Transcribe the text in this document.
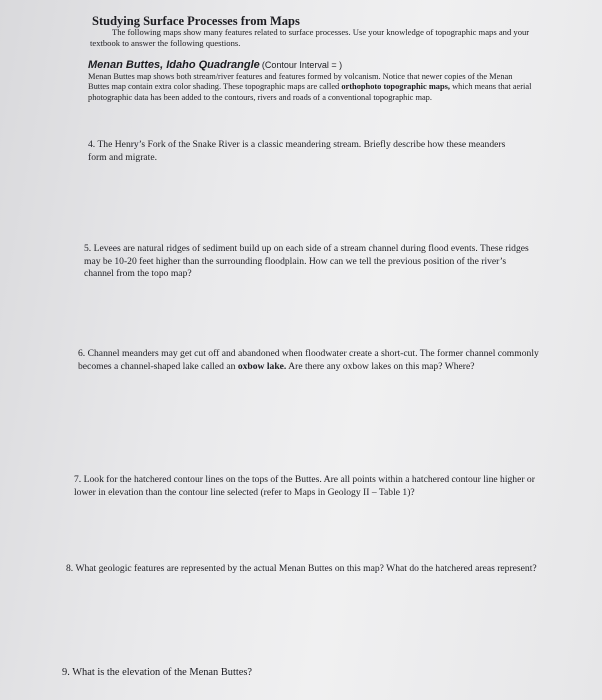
Studying Surface Processes from Maps
The following maps show many features related to surface processes. Use your knowledge of topographic maps and your textbook to answer the following questions.
Menan Buttes, Idaho Quadrangle (Contour Interval = )
Menan Buttes map shows both stream/river features and features formed by volcanism. Notice that newer copies of the Menan Buttes map contain extra color shading. These topographic maps are called orthophoto topographic maps, which means that aerial photographic data has been added to the contours, rivers and roads of a conventional topographic map.
4. The Henry’s Fork of the Snake River is a classic meandering stream. Briefly describe how these meanders form and migrate.
5. Levees are natural ridges of sediment build up on each side of a stream channel during flood events. These ridges may be 10-20 feet higher than the surrounding floodplain. How can we tell the previous position of the river’s channel from the topo map?
6. Channel meanders may get cut off and abandoned when floodwater create a short-cut. The former channel commonly becomes a channel-shaped lake called an oxbow lake. Are there any oxbow lakes on this map? Where?
7. Look for the hatchered contour lines on the tops of the Buttes. Are all points within a hatchered contour line higher or lower in elevation than the contour line selected (refer to Maps in Geology II – Table 1)?
8. What geologic features are represented by the actual Menan Buttes on this map? What do the hatchered areas represent?
9. What is the elevation of the Menan Buttes?
